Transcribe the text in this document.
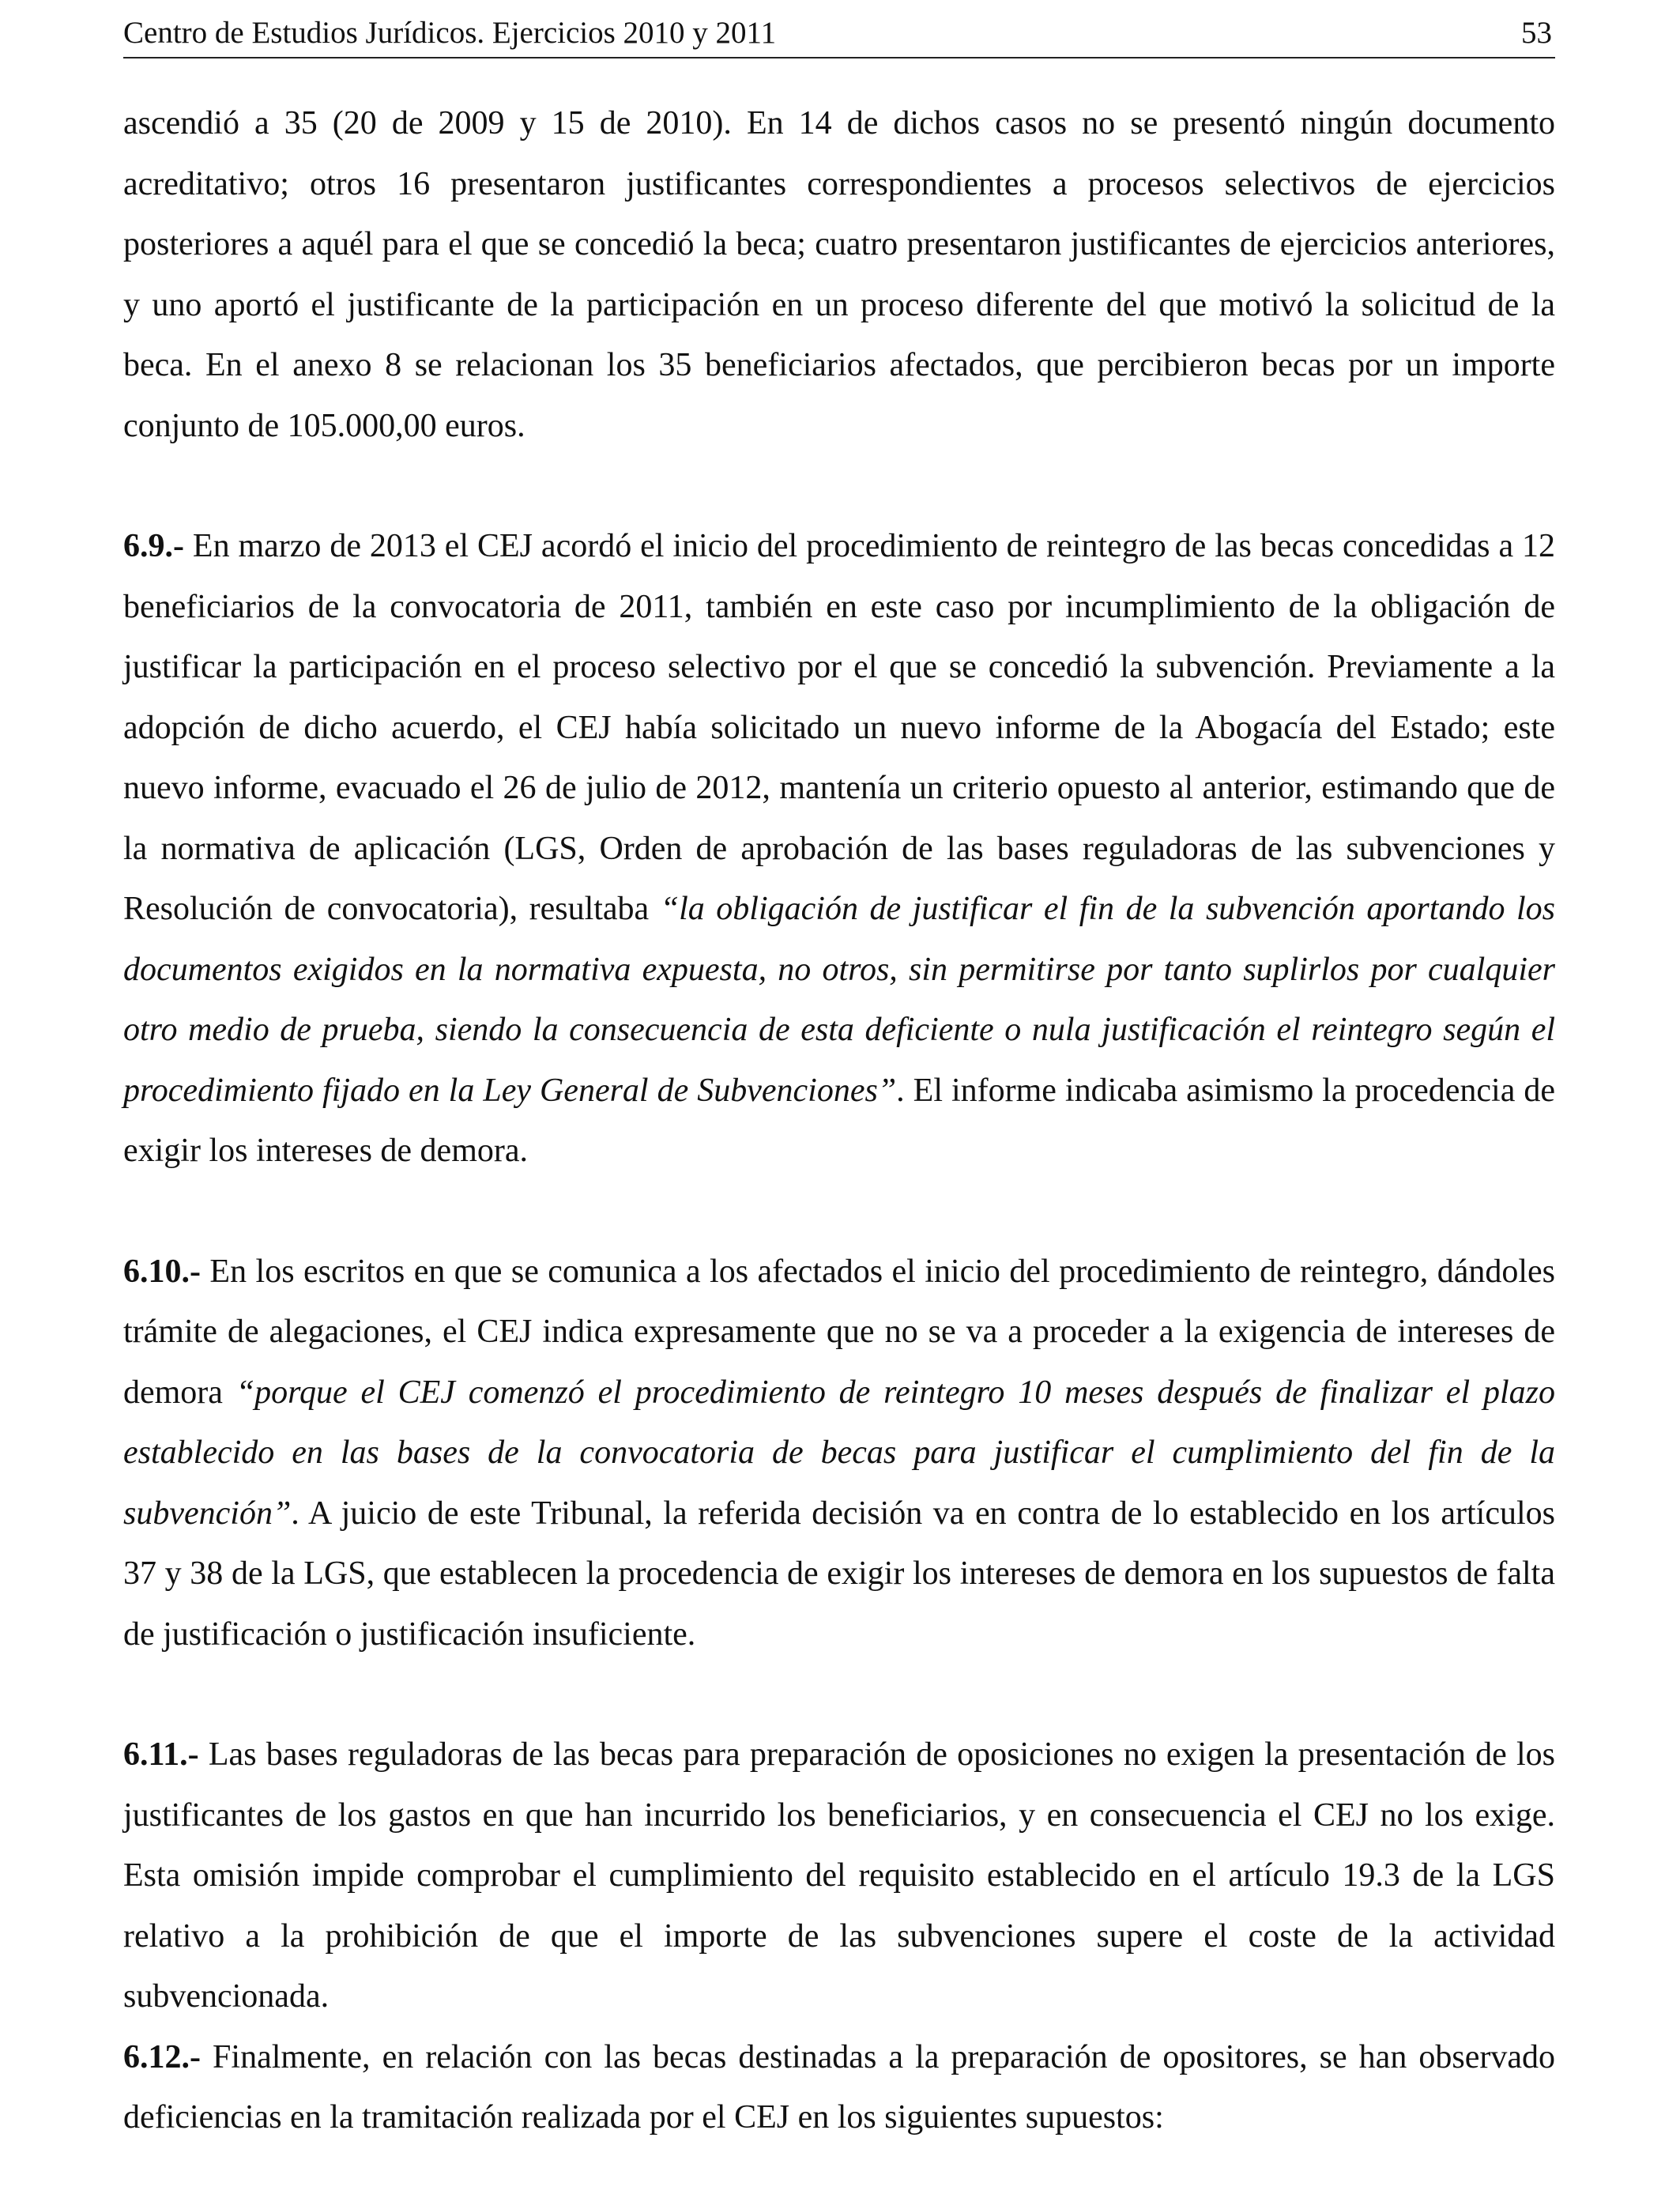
Centro de Estudios Jurídicos. Ejercicios 2010 y 2011	53

ascendió a 35 (20 de 2009 y 15 de 2010). En 14 de dichos casos no se presentó ningún documento acreditativo; otros 16 presentaron justificantes correspondientes a procesos selectivos de ejercicios posteriores a aquél para el que se concedió la beca; cuatro presentaron justificantes de ejercicios anteriores, y uno aportó el justificante de la participación en un proceso diferente del que motivó la solicitud de la beca. En el anexo 8 se relacionan los 35 beneficiarios afectados, que percibieron becas por un importe conjunto de 105.000,00 euros.

6.9.- En marzo de 2013 el CEJ acordó el inicio del procedimiento de reintegro de las becas concedidas a 12 beneficiarios de la convocatoria de 2011, también en este caso por incumplimiento de la obligación de justificar la participación en el proceso selectivo por el que se concedió la subvención. Previamente a la adopción de dicho acuerdo, el CEJ había solicitado un nuevo informe de la Abogacía del Estado; este nuevo informe, evacuado el 26 de julio de 2012, mantenía un criterio opuesto al anterior, estimando que de la normativa de aplicación (LGS, Orden de aprobación de las bases reguladoras de las subvenciones y Resolución de convocatoria), resultaba “la obligación de justificar el fin de la subvención aportando los documentos exigidos en la normativa expuesta, no otros, sin permitirse por tanto suplirlos por cualquier otro medio de prueba, siendo la consecuencia de esta deficiente o nula justificación el reintegro según el procedimiento fijado en la Ley General de Subvenciones”. El informe indicaba asimismo la procedencia de exigir los intereses de demora.

6.10.- En los escritos en que se comunica a los afectados el inicio del procedimiento de reintegro, dándoles trámite de alegaciones, el CEJ indica expresamente que no se va a proceder a la exigencia de intereses de demora “porque el CEJ comenzó el procedimiento de reintegro 10 meses después de finalizar el plazo establecido en las bases de la convocatoria de becas para justificar el cumplimiento del fin de la subvención”. A juicio de este Tribunal, la referida decisión va en contra de lo establecido en los artículos 37 y 38 de la LGS, que establecen la procedencia de exigir los intereses de demora en los supuestos de falta de justificación o justificación insuficiente.

6.11.- Las bases reguladoras de las becas para preparación de oposiciones no exigen la presentación de los justificantes de los gastos en que han incurrido los beneficiarios, y en consecuencia el CEJ no los exige. Esta omisión impide comprobar el cumplimiento del requisito establecido en el artículo 19.3 de la LGS relativo a la prohibición de que el importe de las subvenciones supere el coste de la actividad subvencionada.

6.12.- Finalmente, en relación con las becas destinadas a la preparación de opositores, se han observado deficiencias en la tramitación realizada por el CEJ en los siguientes supuestos:
